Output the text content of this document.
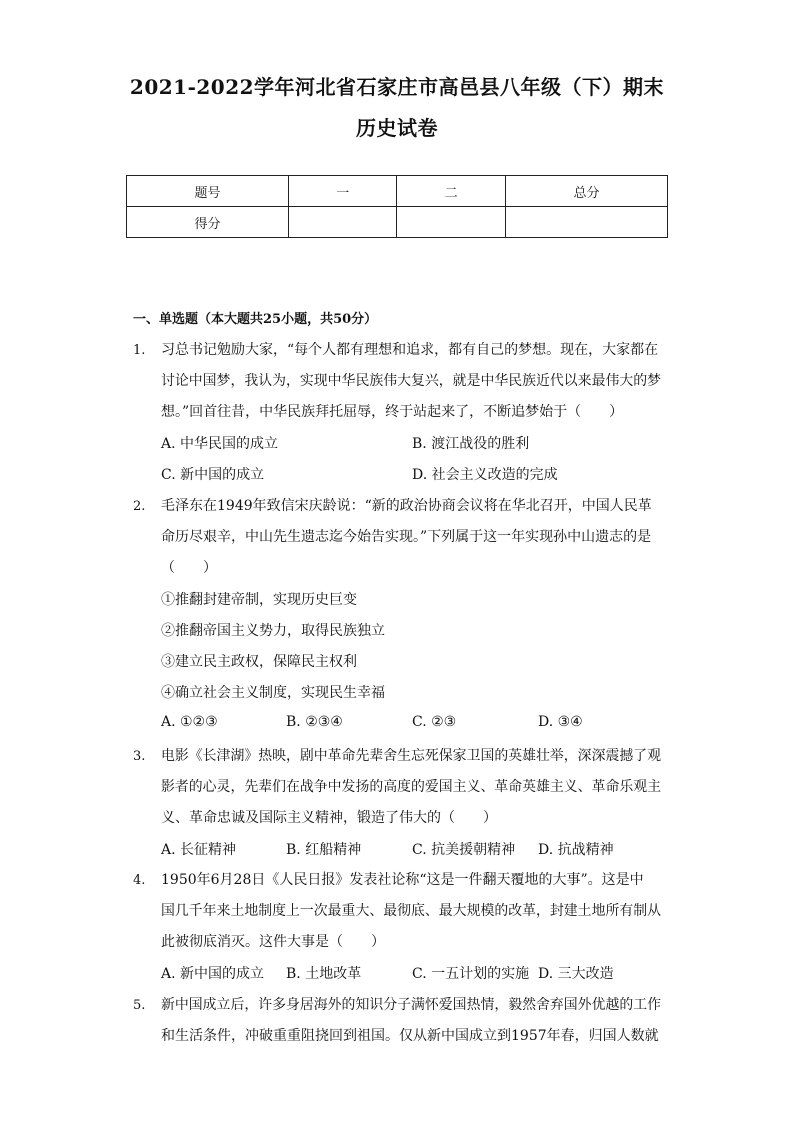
2021-2022学年河北省石家庄市高邑县八年级（下）期末
历史试卷
题号	一	二	总分
得分			
一、单选题（本大题共25小题，共50分）
1. 习总书记勉励大家，“每个人都有理想和追求，都有自己的梦想。现在，大家都在
讨论中国梦，我认为，实现中华民族伟大复兴，就是中华民族近代以来最伟大的梦
想。”回首往昔，中华民族拜托屈辱，终于站起来了，不断追梦始于（　　）
A. 中华民国的成立	B. 渡江战役的胜利
C. 新中国的成立	D. 社会主义改造的完成
2. 毛泽东在1949年致信宋庆龄说：“新的政治协商会议将在华北召开，中国人民革
命历尽艰辛，中山先生遗志迄今始告实现。”下列属于这一年实现孙中山遗志的是
（　　）
①推翻封建帝制，实现历史巨变
②推翻帝国主义势力，取得民族独立
③建立民主政权，保障民主权利
④确立社会主义制度，实现民生幸福
A. ①②③	B. ②③④	C. ②③	D. ③④
3. 电影《长津湖》热映，剧中革命先辈舍生忘死保家卫国的英雄壮举，深深震撼了观
影者的心灵，先辈们在战争中发扬的高度的爱国主义、革命英雄主义、革命乐观主
义、革命忠诚及国际主义精神，锻造了伟大的（　　）
A. 长征精神	B. 红船精神	C. 抗美援朝精神 D. 抗战精神
4. 1950年6月28日《人民日报》发表社论称“这是一件翻天覆地的大事”。这是中
国几千年来土地制度上一次最重大、最彻底、最大规模的改革，封建土地所有制从
此被彻底消灭。这件大事是（　　）
A. 新中国的成立 B. 土地改革	C. 一五计划的实施 D. 三大改造
5. 新中国成立后，许多身居海外的知识分子满怀爱国热情，毅然舍弃国外优越的工作
和生活条件，冲破重重阻挠回到祖国。仅从新中国成立到1957年春，归国人数就
